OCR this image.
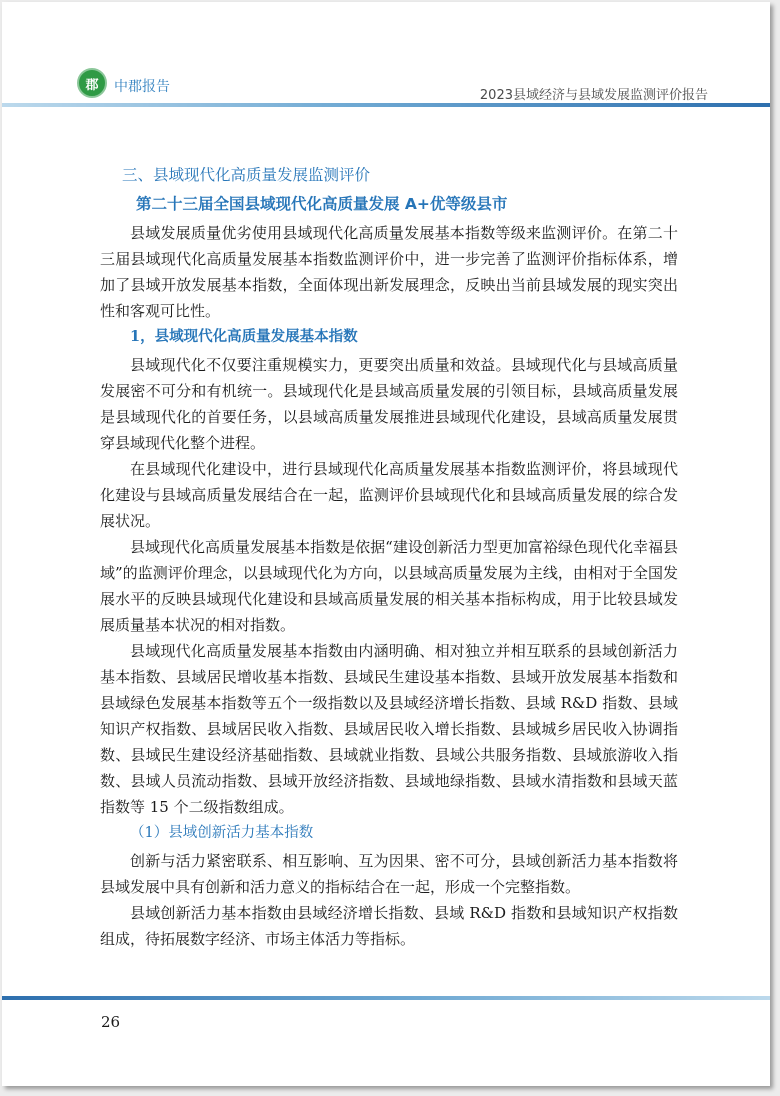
郡	中郡报告
2023县域经济与县域发展监测评价报告
三、县域现代化高质量发展监测评价
第二十三届全国县域现代化高质量发展 A+优等级县市

县域发展质量优劣使用县域现代化高质量发展基本指数等级来监测评价。在第二十三届县域现代化高质量发展基本指数监测评价中，进一步完善了监测评价指标体系，增加了县域开放发展基本指数，全面体现出新发展理念，反映出当前县域发展的现实突出性和客观可比性。

1，县域现代化高质量发展基本指数

县域现代化不仅要注重规模实力，更要突出质量和效益。县域现代化与县域高质量发展密不可分和有机统一。县域现代化是县域高质量发展的引领目标，县域高质量发展是县域现代化的首要任务，以县域高质量发展推进县域现代化建设，县域高质量发展贯穿县域现代化整个进程。

在县域现代化建设中，进行县域现代化高质量发展基本指数监测评价，将县域现代化建设与县域高质量发展结合在一起，监测评价县域现代化和县域高质量发展的综合发展状况。

县域现代化高质量发展基本指数是依据“建设创新活力型更加富裕绿色现代化幸福县域”的监测评价理念，以县域现代化为方向，以县域高质量发展为主线，由相对于全国发展水平的反映县域现代化建设和县域高质量发展的相关基本指标构成，用于比较县域发展质量基本状况的相对指数。

县域现代化高质量发展基本指数由内涵明确、相对独立并相互联系的县域创新活力基本指数、县域居民增收基本指数、县域民生建设基本指数、县域开放发展基本指数和县域绿色发展基本指数等五个一级指数以及县域经济增长指数、县域 R&D 指数、县域知识产权指数、县域居民收入指数、县域居民收入增长指数、县域城乡居民收入协调指数、县域民生建设经济基础指数、县域就业指数、县域公共服务指数、县域旅游收入指数、县域人员流动指数、县域开放经济指数、县域地绿指数、县域水清指数和县域天蓝指数等 15 个二级指数组成。

（1）县域创新活力基本指数

创新与活力紧密联系、相互影响、互为因果、密不可分，县域创新活力基本指数将县域发展中具有创新和活力意义的指标结合在一起，形成一个完整指数。

县域创新活力基本指数由县域经济增长指数、县域 R&D 指数和县域知识产权指数组成，待拓展数字经济、市场主体活力等指标。

26
